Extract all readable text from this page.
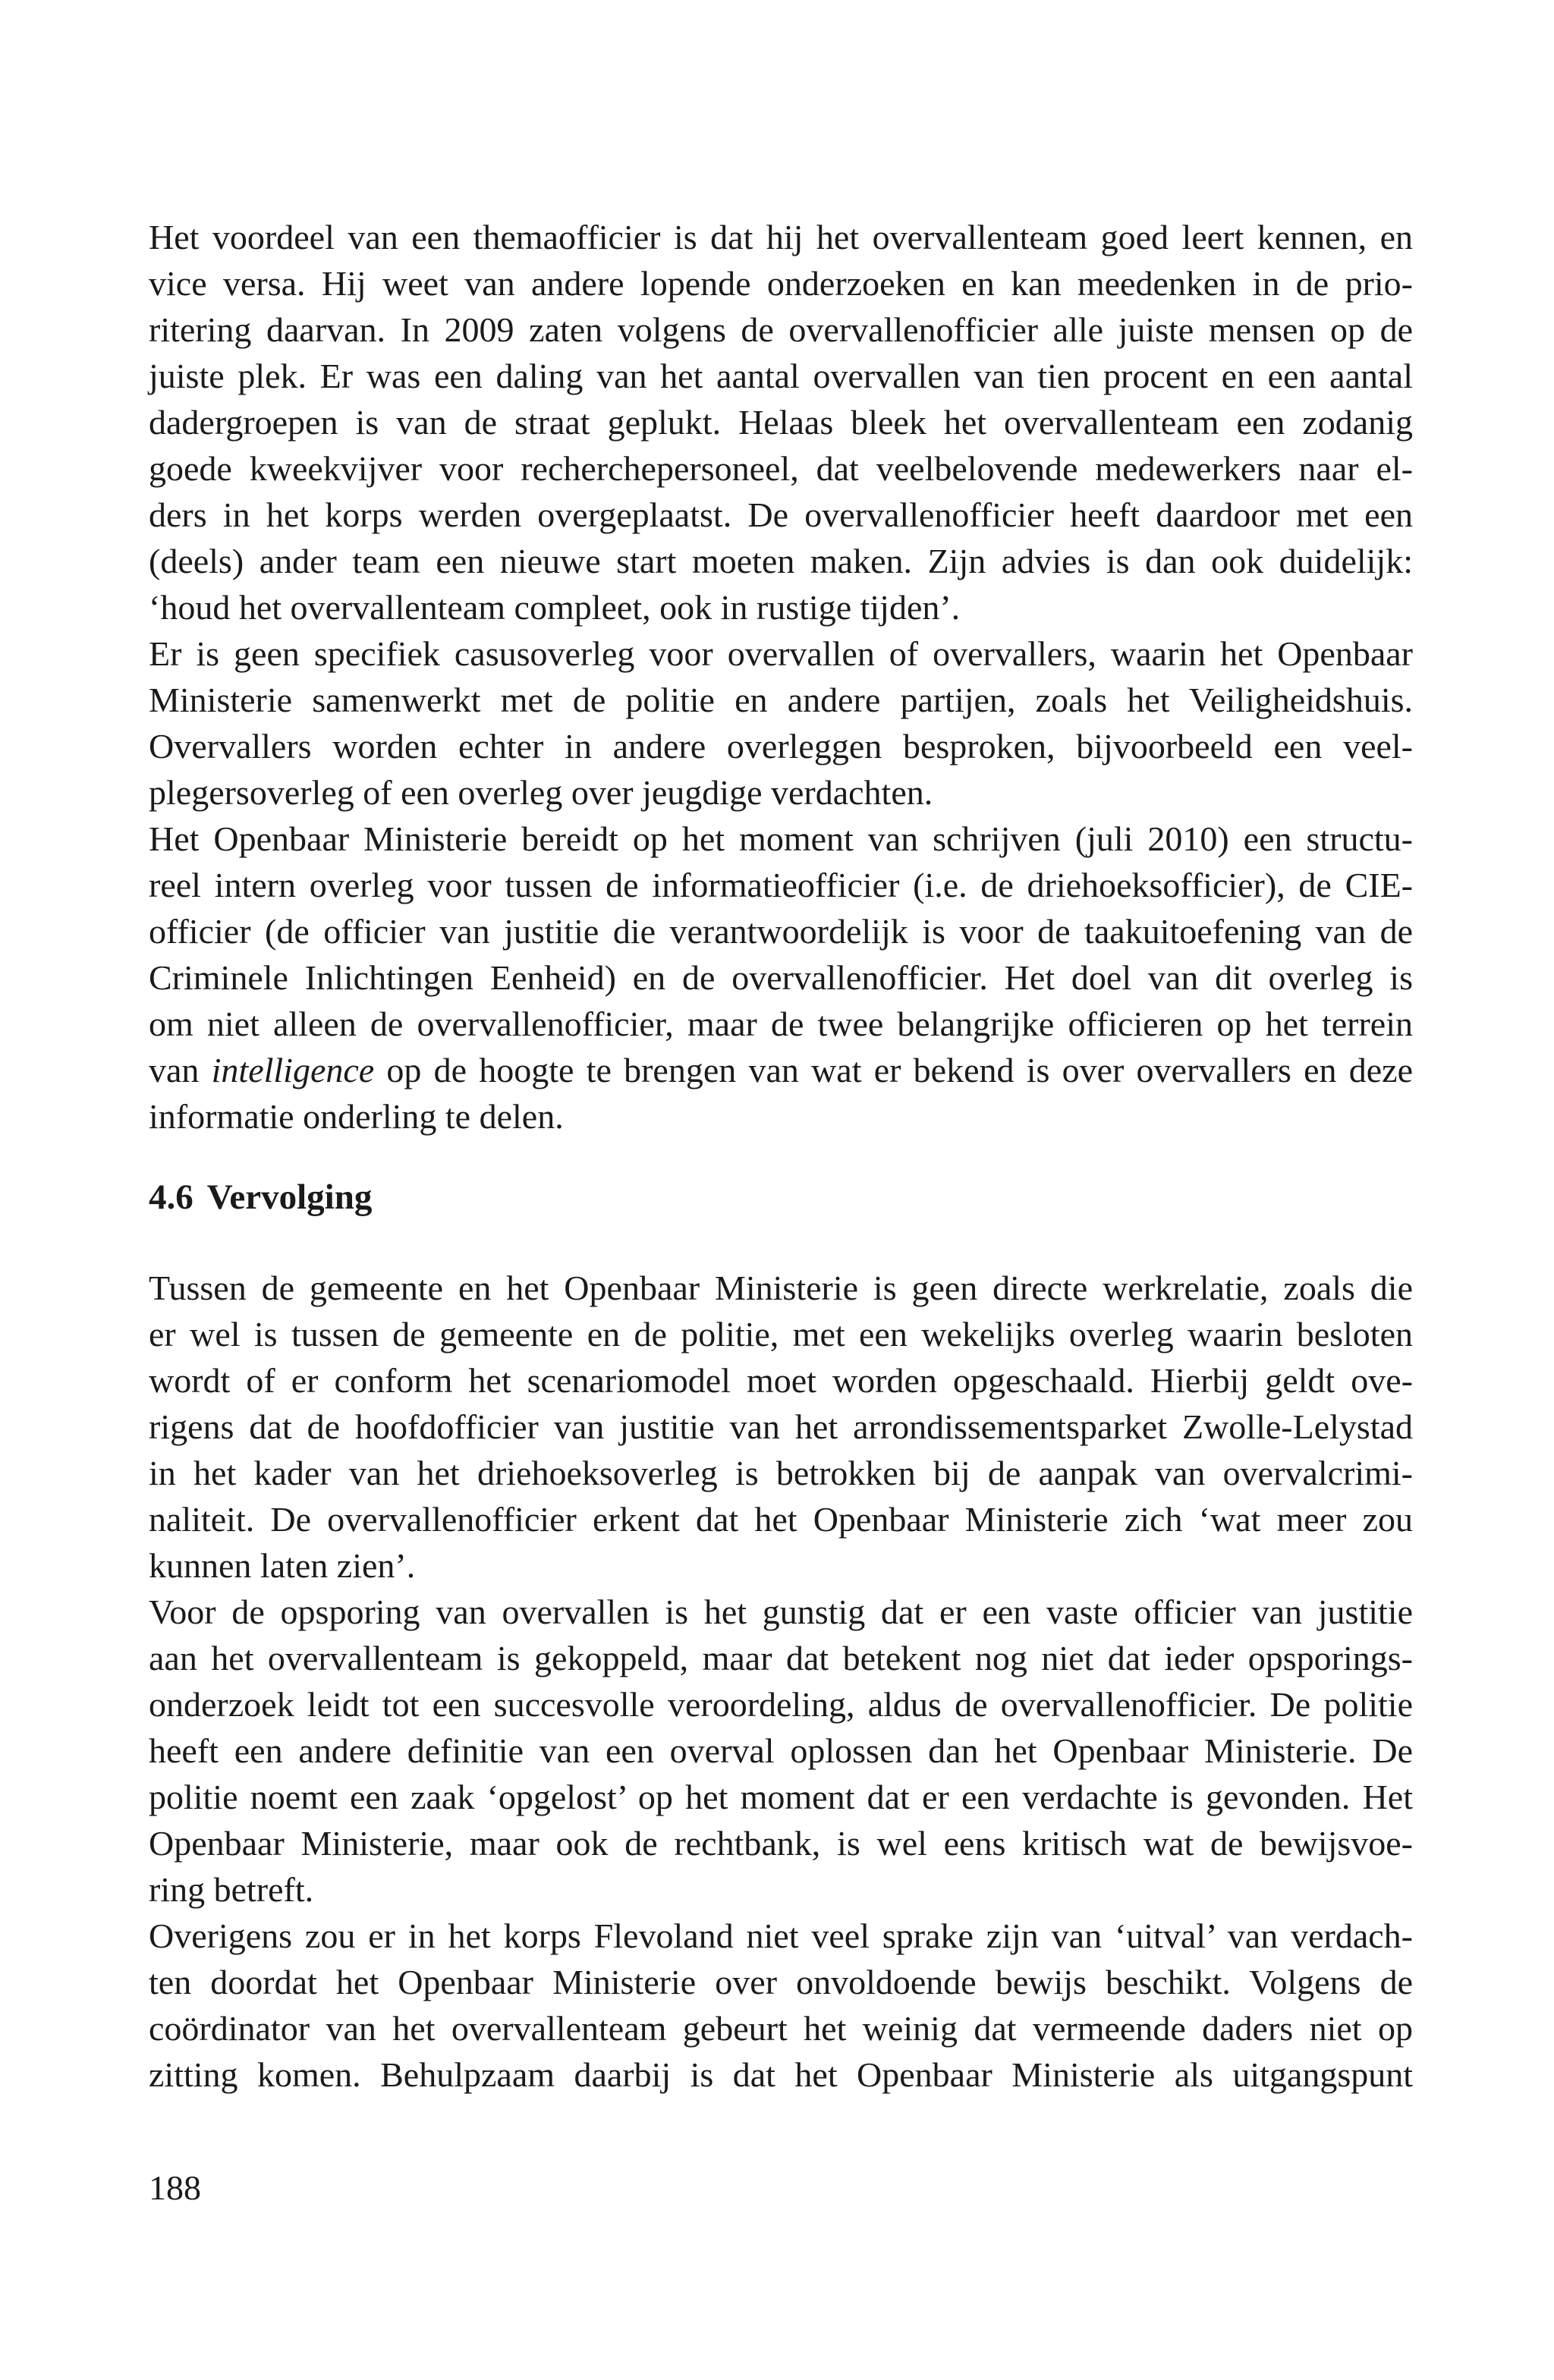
Het voordeel van een themaofficier is dat hij het overvallenteam goed leert kennen, en
vice versa. Hij weet van andere lopende onderzoeken en kan meedenken in de prio-
ritering daarvan. In 2009 zaten volgens de overvallenofficier alle juiste mensen op de
juiste plek. Er was een daling van het aantal overvallen van tien procent en een aantal
dadergroepen is van de straat geplukt. Helaas bleek het overvallenteam een zodanig
goede kweekvijver voor recherchepersoneel, dat veelbelovende medewerkers naar el-
ders in het korps werden overgeplaatst. De overvallenofficier heeft daardoor met een
(deels) ander team een nieuwe start moeten maken. Zijn advies is dan ook duidelijk:
‘houd het overvallenteam compleet, ook in rustige tijden’.
Er is geen specifiek casusoverleg voor overvallen of overvallers, waarin het Openbaar
Ministerie samenwerkt met de politie en andere partijen, zoals het Veiligheidshuis.
Overvallers worden echter in andere overleggen besproken, bijvoorbeeld een veel-
plegersoverleg of een overleg over jeugdige verdachten.
Het Openbaar Ministerie bereidt op het moment van schrijven (juli 2010) een structu-
reel intern overleg voor tussen de informatieofficier (i.e. de driehoeksofficier), de CIE-
officier (de officier van justitie die verantwoordelijk is voor de taakuitoefening van de
Criminele Inlichtingen Eenheid) en de overvallenofficier. Het doel van dit overleg is
om niet alleen de overvallenofficier, maar de twee belangrijke officieren op het terrein
van intelligence op de hoogte te brengen van wat er bekend is over overvallers en deze
informatie onderling te delen.
4.6 Vervolging
Tussen de gemeente en het Openbaar Ministerie is geen directe werkrelatie, zoals die
er wel is tussen de gemeente en de politie, met een wekelijks overleg waarin besloten
wordt of er conform het scenariomodel moet worden opgeschaald. Hierbij geldt ove-
rigens dat de hoofdofficier van justitie van het arrondissementsparket Zwolle-Lelystad
in het kader van het driehoeksoverleg is betrokken bij de aanpak van overvalcrimi-
naliteit. De overvallenofficier erkent dat het Openbaar Ministerie zich ‘wat meer zou
kunnen laten zien’.
Voor de opsporing van overvallen is het gunstig dat er een vaste officier van justitie
aan het overvallenteam is gekoppeld, maar dat betekent nog niet dat ieder opsporings-
onderzoek leidt tot een succesvolle veroordeling, aldus de overvallenofficier. De politie
heeft een andere definitie van een overval oplossen dan het Openbaar Ministerie. De
politie noemt een zaak ‘opgelost’ op het moment dat er een verdachte is gevonden. Het
Openbaar Ministerie, maar ook de rechtbank, is wel eens kritisch wat de bewijsvoe-
ring betreft.
Overigens zou er in het korps Flevoland niet veel sprake zijn van ‘uitval’ van verdach-
ten doordat het Openbaar Ministerie over onvoldoende bewijs beschikt. Volgens de
coördinator van het overvallenteam gebeurt het weinig dat vermeende daders niet op
zitting komen. Behulpzaam daarbij is dat het Openbaar Ministerie als uitgangspunt
188
